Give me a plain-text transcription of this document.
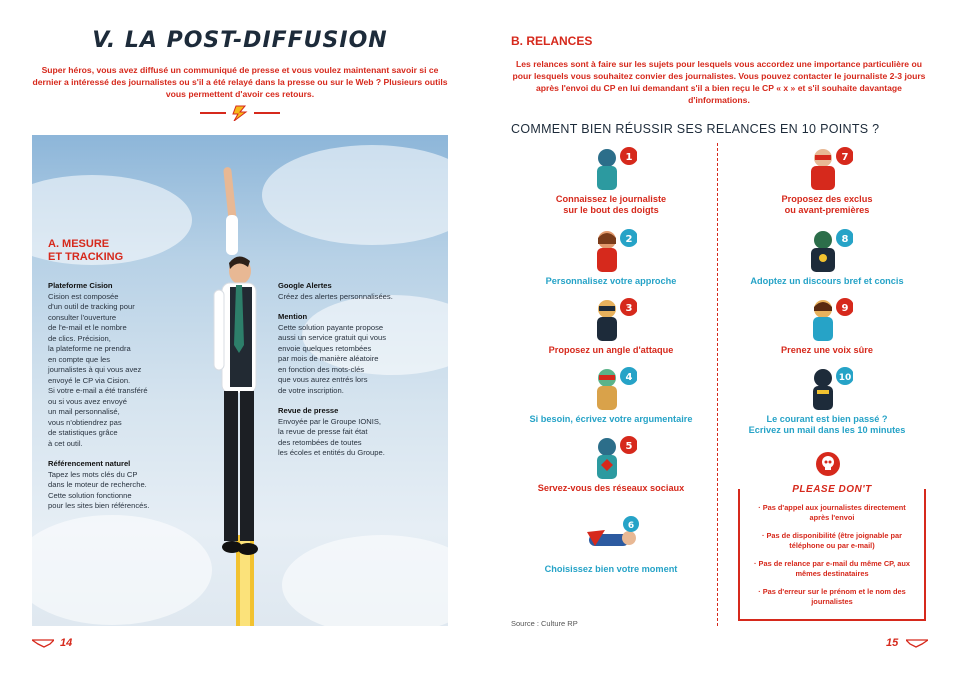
V. LA POST-DIFFUSION
Super héros, vous avez diffusé un communiqué de presse et vous voulez maintenant savoir si ce dernier a intéressé des journalistes ou s'il a été relayé dans la presse ou sur le Web ? Plusieurs outils vous permettent d'avoir ces retours.
A. MESURE
ET TRACKING
Plateforme Cision
Cision est composée
d'un outil de tracking pour
consulter l'ouverture
de l'e-mail et le nombre
de clics. Précision,
la plateforme ne prendra
en compte que les
journalistes à qui vous avez
envoyé le CP via Cision.
Si votre e-mail a été transféré
ou si vous avez envoyé
un mail personnalisé,
vous n'obtiendrez pas
de statistiques grâce
à cet outil.
Référencement naturel
Tapez les mots clés du CP
dans le moteur de recherche.
Cette solution fonctionne
pour les sites bien référencés.
Google Alertes
Créez des alertes personnalisées.
Mention
Cette solution payante propose
aussi un service gratuit qui vous
envoie quelques retombées
par mois de manière aléatoire
en fonction des mots-clés
que vous aurez entrés lors
de votre inscription.
Revue de presse
Envoyée par le Groupe IONIS,
la revue de presse fait état
des retombées de toutes
les écoles et entités du Groupe.
14
B. RELANCES
Les relances sont à faire sur les sujets pour lesquels vous accordez une importance particulière ou pour lesquels vous souhaitez convier des journalistes. Vous pouvez contacter le journaliste 2-3 jours après l'envoi du CP en lui demandant s'il a bien reçu le CP « x » et s'il souhaite davantage d'informations.
COMMENT BIEN RÉUSSIR SES RELANCES EN 10 POINTS ?
1
Connaissez le journaliste
sur le bout des doigts
2
Personnalisez votre approche
3
Proposez un angle d'attaque
4
Si besoin, écrivez votre argumentaire
5
Servez-vous des réseaux sociaux
6
Choisissez bien votre moment
7
Proposez des exclus
ou avant-premières
8
Adoptez un discours bref et concis
9
Prenez une voix sûre
10
Le courant est bien passé ?
Ecrivez un mail dans les 10 minutes
PLEASE DON'T
· Pas d'appel aux journalistes directement après l'envoi
· Pas de disponibilité (être joignable par téléphone ou par e-mail)
· Pas de relance par e-mail du même CP, aux mêmes destinataires
· Pas d'erreur sur le prénom et le nom des journalistes
Source : Culture RP
15
